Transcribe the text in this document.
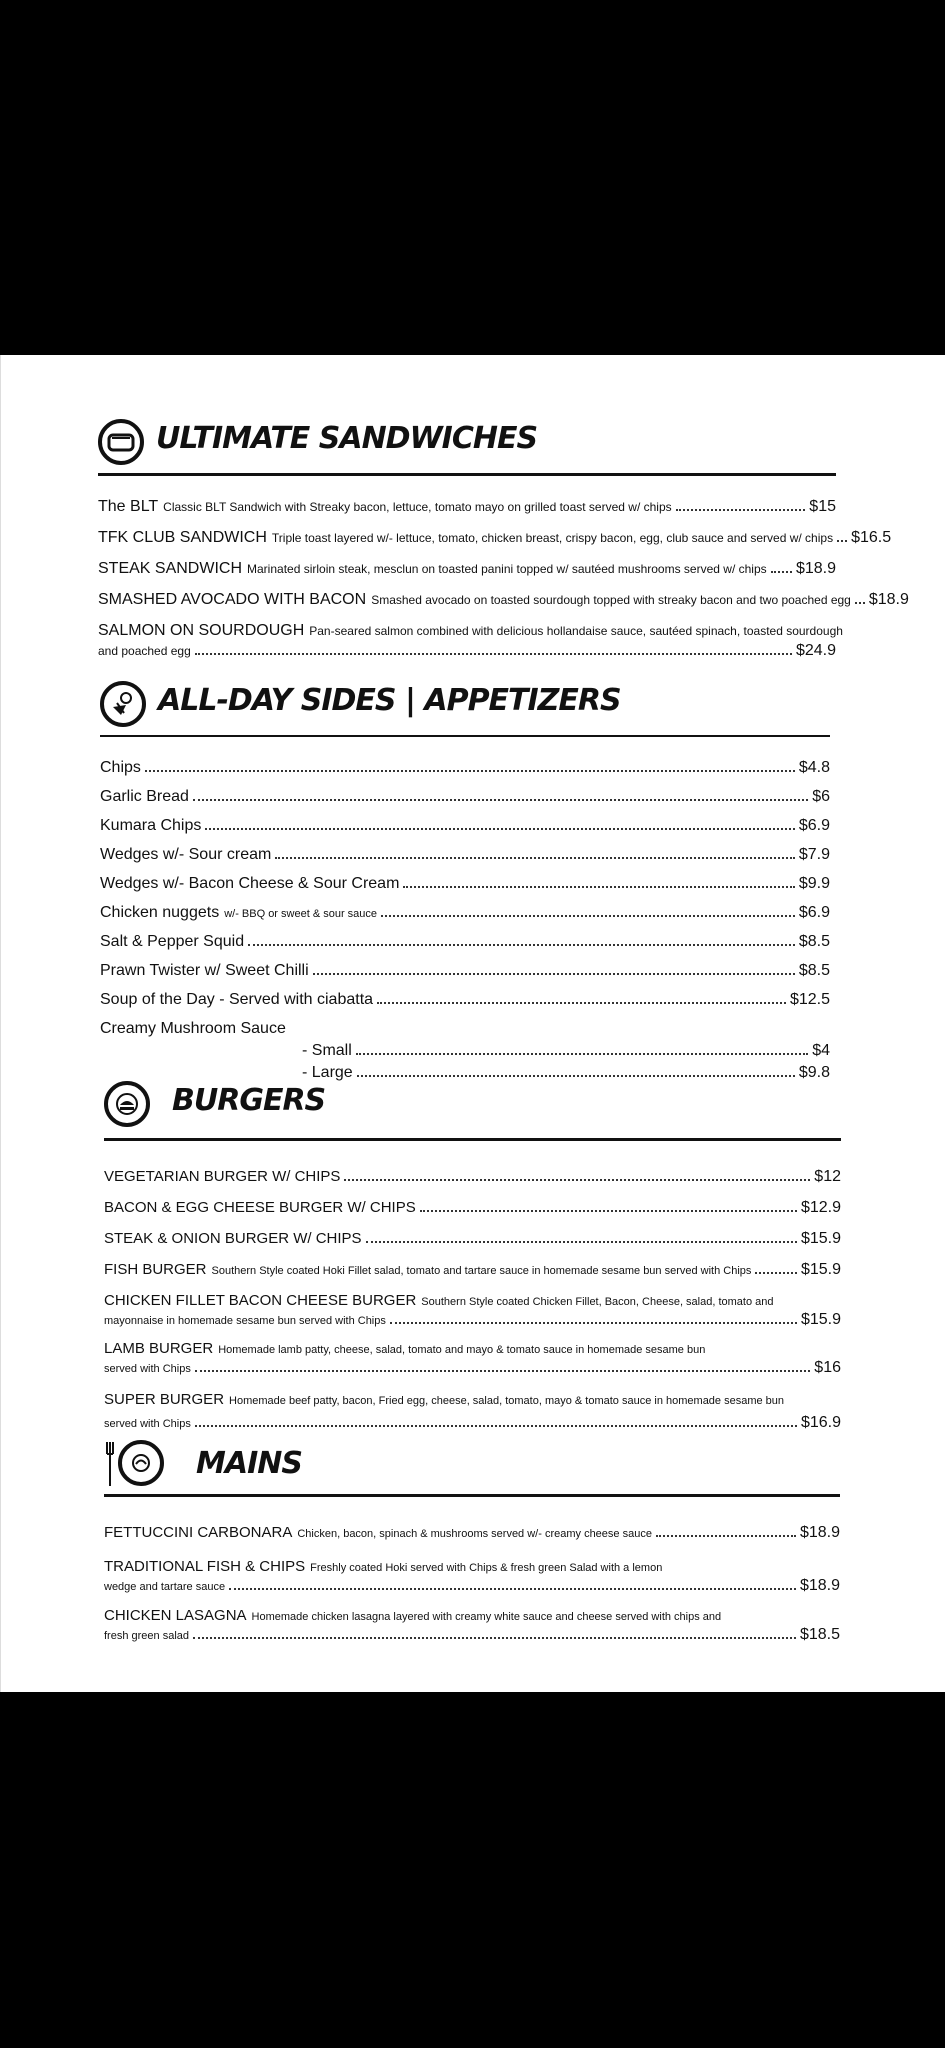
ULTIMATE SANDWICHES
The BLT Classic BLT Sandwich with Streaky bacon, lettuce, tomato mayo on grilled toast served w/ chips	$15
TFK CLUB SANDWICH Triple toast layered w/- lettuce, tomato, chicken breast, crispy bacon, egg, club sauce and served w/ chips $16.5
STEAK SANDWICH Marinated sirloin steak, mesclun on toasted panini topped w/ sautéed mushrooms served w/ chips $18.9
SMASHED AVOCADO WITH BACON Smashed avocado on toasted sourdough topped with streaky bacon and two poached egg $18.9
SALMON ON SOURDOUGH Pan-seared salmon combined with delicious hollandaise sauce, sautéed spinach, toasted sourdough
and poached egg	$24.9
ALL-DAY SIDES | APPETIZERS
Chips	$4.8
Garlic Bread	$6
Kumara Chips	$6.9
Wedges w/- Sour cream	$7.9
Wedges w/- Bacon Cheese & Sour Cream	$9.9
Chicken nuggets w/- BBQ or sweet & sour sauce	$6.9
Salt & Pepper Squid	$8.5
Prawn Twister w/ Sweet Chilli	$8.5
Soup of the Day - Served with ciabatta	$12.5
Creamy Mushroom Sauce
- Small	$4
- Large	$9.8
BURGERS
VEGETARIAN BURGER W/ CHIPS	$12
BACON & EGG CHEESE BURGER W/ CHIPS	$12.9
STEAK & ONION BURGER W/ CHIPS	$15.9
FISH BURGER Southern Style coated Hoki Fillet salad, tomato and tartare sauce in homemade sesame bun served with Chips	$15.9
CHICKEN FILLET BACON CHEESE BURGER Southern Style coated Chicken Fillet, Bacon, Cheese, salad, tomato and
mayonnaise in homemade sesame bun served with Chips	$15.9
LAMB BURGER Homemade lamb patty, cheese, salad, tomato and mayo & tomato sauce in homemade sesame bun
served with Chips	$16
SUPER BURGER Homemade beef patty, bacon, Fried egg, cheese, salad, tomato, mayo & tomato sauce in homemade sesame bun
served with Chips	$16.9
MAINS
FETTUCCINI CARBONARA Chicken, bacon, spinach & mushrooms served w/- creamy cheese sauce	$18.9
TRADITIONAL FISH & CHIPS Freshly coated Hoki served with Chips & fresh green Salad with a lemon
wedge and tartare sauce	$18.9
CHICKEN LASAGNA Homemade chicken lasagna layered with creamy white sauce and cheese served with chips and
fresh green salad	$18.5
